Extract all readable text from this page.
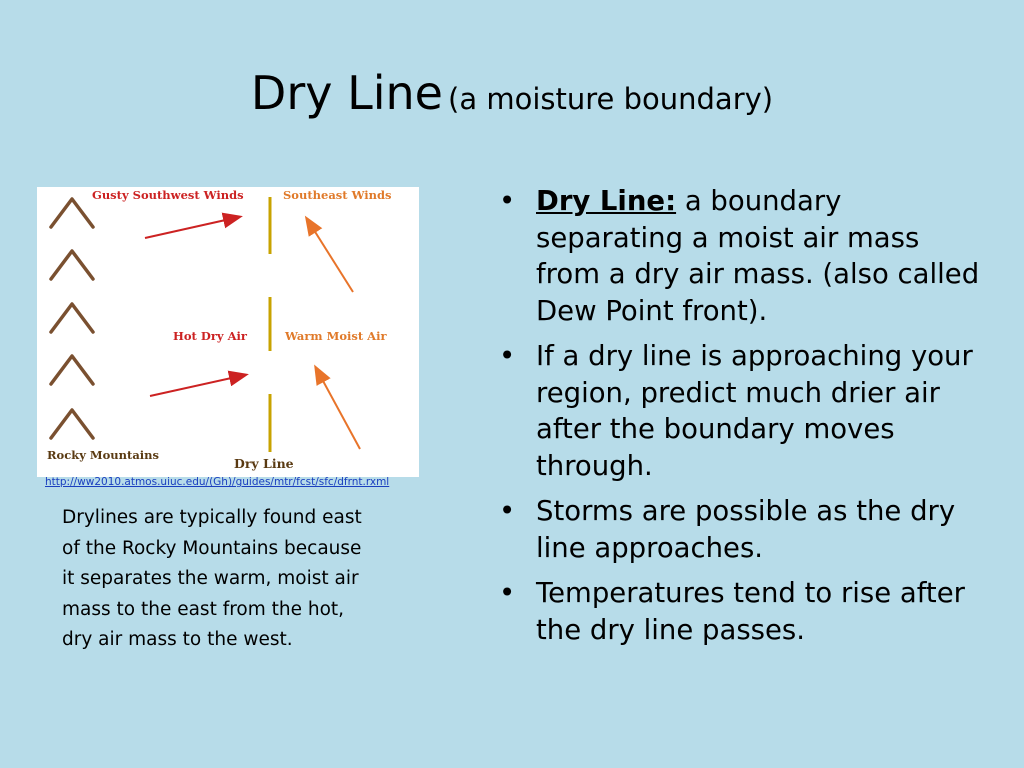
Dry Line (a moisture boundary)
Gusty Southwest Winds	Southeast Winds
Hot Dry Air	Warm Moist Air
Rocky Mountains
Dry Line
http://ww2010.atmos.uiuc.edu/(Gh)/guides/mtr/fcst/sfc/dfrnt.rxml
Drylines are typically found east of the Rocky Mountains because it separates the warm, moist air mass to the east from the hot, dry air mass to the west.
• Dry Line: a boundary separating a moist air mass from a dry air mass. (also called Dew Point front).
• If a dry line is approaching your region, predict much drier air after the boundary moves through.
• Storms are possible as the dry line approaches.
• Temperatures tend to rise after the dry line passes.
